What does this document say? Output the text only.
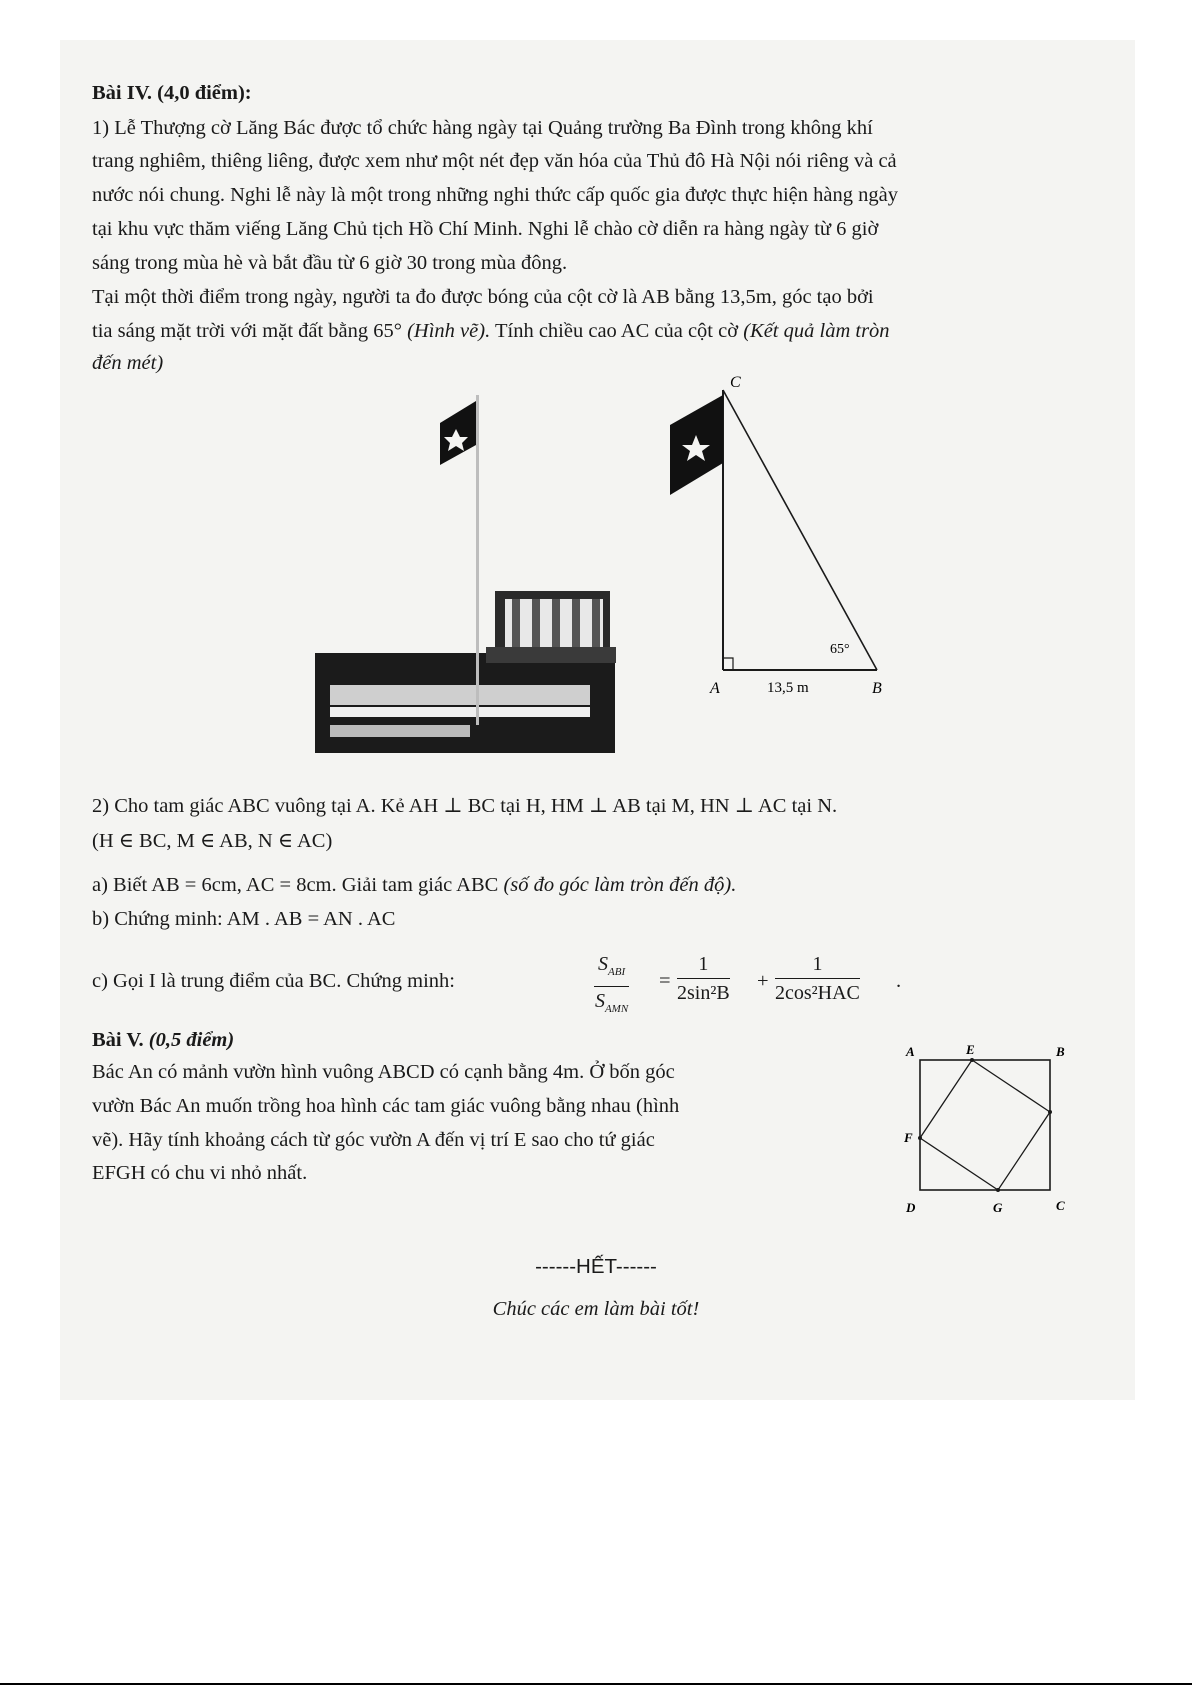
Bài IV. (4,0 điểm):
1) Lễ Thượng cờ Lăng Bác được tổ chức hàng ngày tại Quảng trường Ba Đình trong không khí
trang nghiêm, thiêng liêng, được xem như một nét đẹp văn hóa của Thủ đô Hà Nội nói riêng và cả
nước nói chung. Nghi lễ này là một trong những nghi thức cấp quốc gia được thực hiện hàng ngày
tại khu vực thăm viếng Lăng Chủ tịch Hồ Chí Minh. Nghi lễ chào cờ diễn ra hàng ngày từ 6 giờ
sáng trong mùa hè và bắt đầu từ 6 giờ 30 trong mùa đông.
Tại một thời điểm trong ngày, người ta đo được bóng của cột cờ là AB bằng 13,5m, góc tạo bởi
tia sáng mặt trời với mặt đất bằng 65° (Hình vẽ). Tính chiều cao AC của cột cờ (Kết quả làm tròn
đến mét)
C
A	B
65°
13,5 m
2) Cho tam giác ABC vuông tại A. Kẻ AH ⊥ BC tại H, HM ⊥ AB tại M, HN ⊥ AC tại N.
(H ∈ BC, M ∈ AB, N ∈ AC)
a) Biết AB = 6cm, AC = 8cm. Giải tam giác ABC (số đo góc làm tròn đến độ).
b) Chứng minh: AM . AB = AN . AC
c) Gọi I là trung điểm của BC. Chứng minh:
$S_{ABI}$
$S_{AMN}$
= $\frac{1}{\text{2sin²B}}$ +
1
2cos²HAC
.
Bài V. (0,5 điểm)
Bác An có mảnh vườn hình vuông ABCD có cạnh bằng 4m. Ở bốn góc
vườn Bác An muốn trồng hoa hình các tam giác vuông bằng nhau (hình
vẽ). Hãy tính khoảng cách từ góc vườn A đến vị trí E sao cho tứ giác
EFGH có chu vi nhỏ nhất.
A	E	B
F
D	G	C
------HẾT------
Chúc các em làm bài tốt!
